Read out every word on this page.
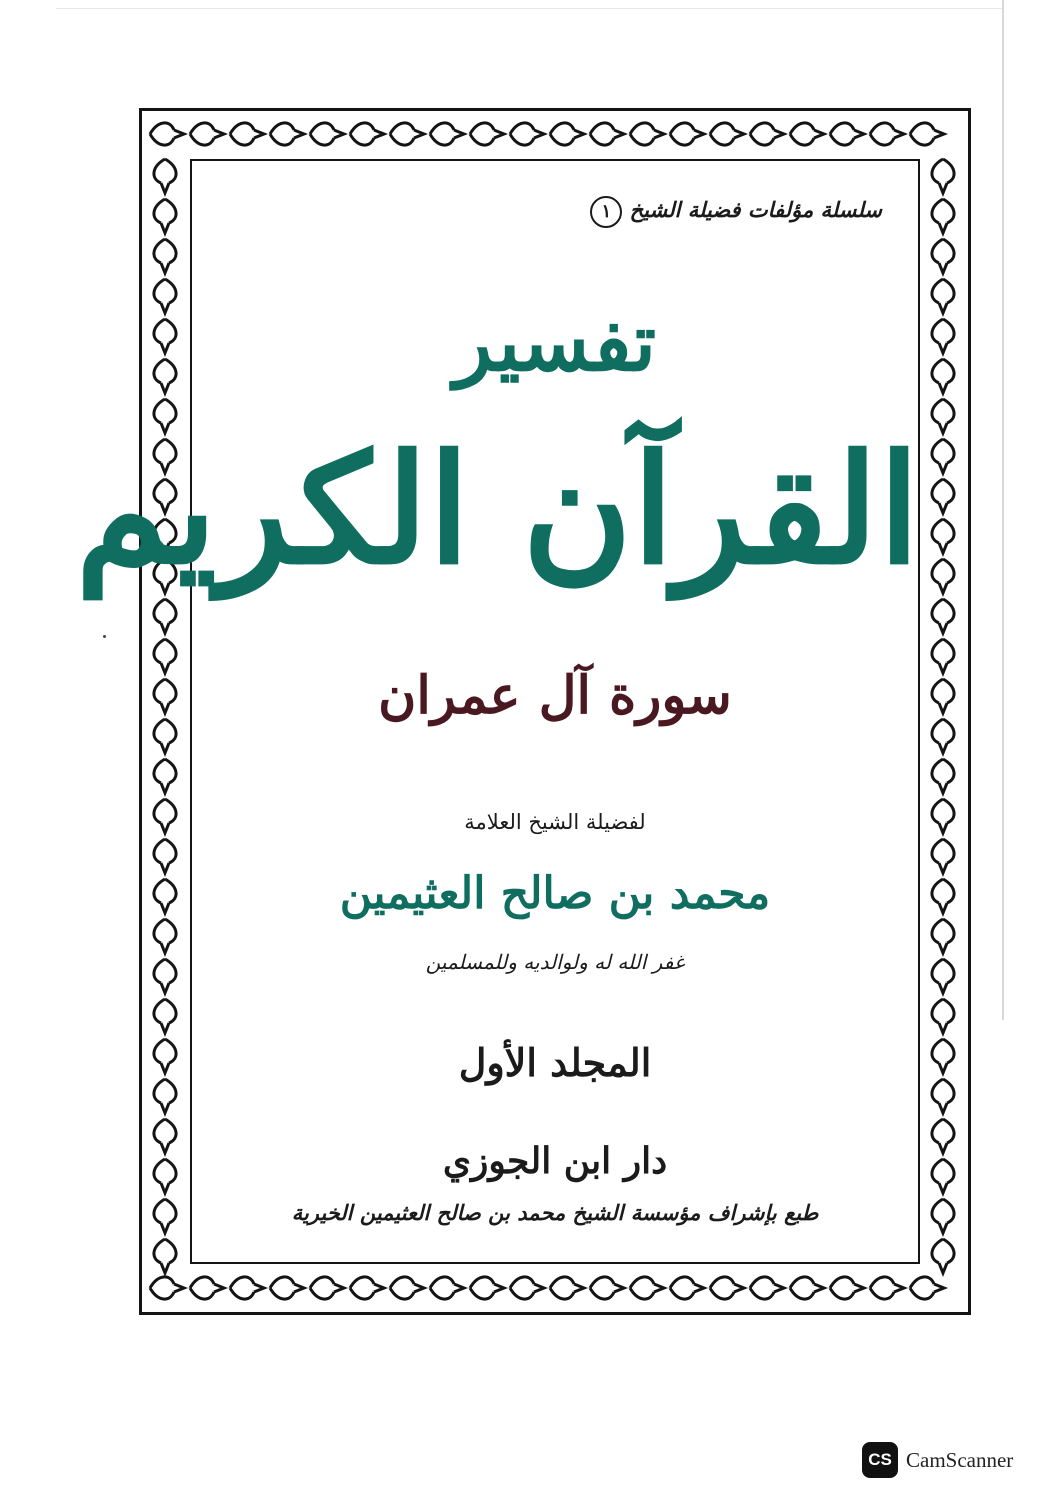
سلسلة مؤلفات فضيلة الشيخ ١
تفسير
القرآن الكريم
سورة آل عمران
لفضيلة الشيخ العلامة
محمد بن صالح العثيمين
غفر الله له ولوالديه وللمسلمين
المجلد الأول
دار ابن الجوزي
طبع بإشراف مؤسسة الشيخ محمد بن صالح العثيمين الخيرية
CS CamScanner
